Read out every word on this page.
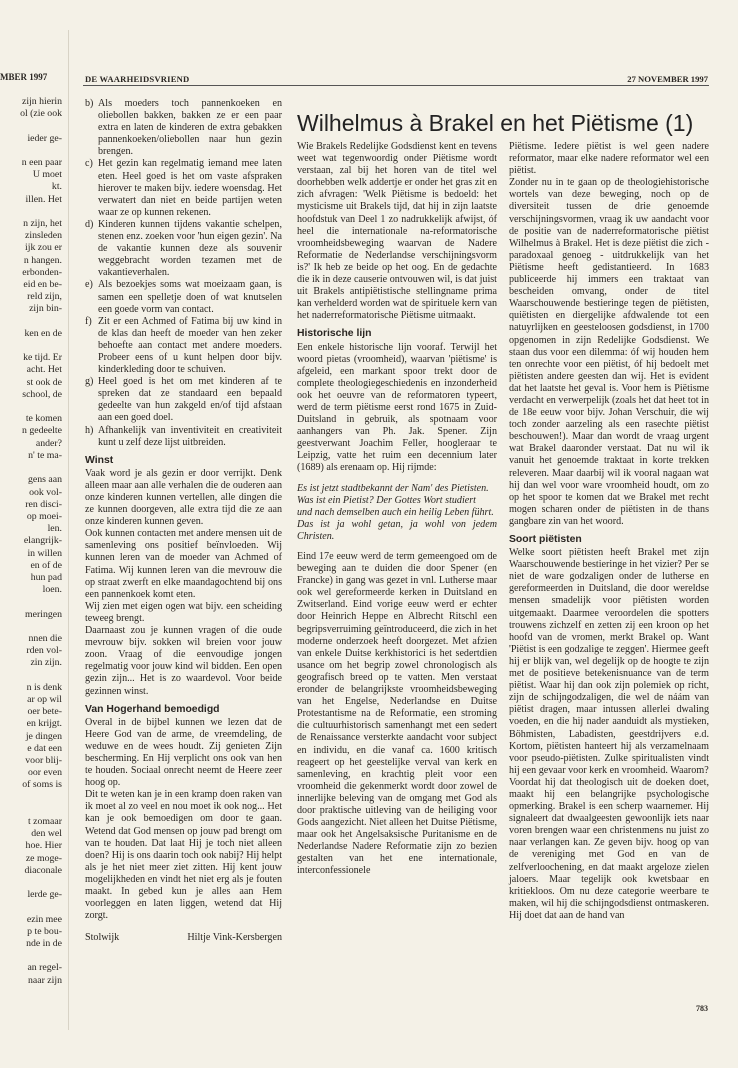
MBER 1997
zijn hierin
ol (zie ook

ieder ge-

n een paar
U moet
kt.
illen. Het

n zijn, het
zinsleden
ijk zou er
n hangen.
erbonden-
eid en be-
reld zijn,
zijn bin-

ken en de

ke tijd. Er
acht. Het
st ook de
school, de

te komen
n gedeelte
ander?
n' te ma-

gens aan
ook vol-
ren disci-
op moei-
len.
elangrijk-
in willen
en of de
hun pad
loen.

meringen

nnen die
rden vol-
zin zijn.

n is denk
ar op wil
oer bete-
en krijgt.
je dingen
e dat een
voor blij-
oor even
of soms is

t zomaar
den wel
hoe. Hier
ze moge-
diaconale

lerde ge-

ezin mee
p te bou-
nde in de

an regel-
naar zijn
DE WAARHEIDSVRIEND	27 NOVEMBER 1997
b) Als moeders toch pannenkoeken en oliebollen bakken, bakken ze er een paar extra en laten de kinderen de extra gebakken pannenkoeken/oliebollen naar hun gezin brengen.
c) Het gezin kan regelmatig iemand mee laten eten. Heel goed is het om vaste afspraken hierover te maken bijv. iedere woensdag. Het verwatert dan niet en beide partijen weten waar ze op kunnen rekenen.
d) Kinderen kunnen tijdens vakantie schelpen, stenen enz. zoeken voor 'hun eigen gezin'. Na de vakantie kunnen deze als souvenir weggebracht worden tezamen met de vakantieverhalen.
e) Als bezoekjes soms wat moeizaam gaan, is samen een spelletje doen of wat knutselen een goede vorm van contact.
f) Zit er een Achmed of Fatima bij uw kind in de klas dan heeft de moeder van hen zeker behoefte aan contact met andere moeders. Probeer eens of u kunt helpen door bijv. kinderkleding door te schuiven.
g) Heel goed is het om met kinderen af te spreken dat ze standaard een bepaald gedeelte van hun zakgeld en/of tijd afstaan aan een goed doel.
h) Afhankelijk van inventiviteit en creativiteit kunt u zelf deze lijst uitbreiden.
Winst

Vaak word je als gezin er door verrijkt. Denk alleen maar aan alle verhalen die de ouderen aan onze kinderen kunnen vertellen, alle dingen die ze kunnen doorgeven, alle extra tijd die ze aan onze kinderen kunnen geven.

Ook kunnen contacten met andere mensen uit de samenleving ons positief beïnvloeden. Wij kunnen leren van de moeder van Achmed of Fatima. Wij kunnen leren van die mevrouw die op straat zwerft en elke maandagochtend bij ons een pannenkoek komt eten.

Wij zien met eigen ogen wat bijv. een scheiding teweeg brengt.

Daarnaast zou je kunnen vragen of die oude mevrouw bijv. sokken wil breien voor jouw zoon. Vraag of die eenvoudige jongen regelmatig voor jouw kind wil bidden. Een open gezin zijn... Het is zo waardevol. Voor beide gezinnen winst.

Van Hogerhand bemoedigd

Overal in de bijbel kunnen we lezen dat de Heere God van de arme, de vreemdeling, de weduwe en de wees houdt. Zij genieten Zijn bescherming. En Hij verplicht ons ook van hen te houden. Sociaal onrecht neemt de Heere zeer hoog op.

Dit te weten kan je in een kramp doen raken van ik moet al zo veel en nou moet ik ook nog... Het kan je ook bemoedigen om door te gaan. Wetend dat God mensen op jouw pad brengt om van te houden. Dat laat Hij je toch niet alleen doen? Hij is ons daarin toch ook nabij? Hij helpt als je het niet meer ziet zitten. Hij kent jouw mogelijkheden en vindt het niet erg als je fouten maakt. In gebed kun je alles aan Hem voorleggen en laten liggen, wetend dat Hij zorgt.

Stolwijk	Hiltje Vink-Kersbergen
Wilhelmus à Brakel en het Piëtisme (1)

Wie Brakels Redelijke Godsdienst kent en tevens weet wat tegenwoordig onder Piëtisme wordt verstaan, zal bij het horen van de titel wel doorhebben welk addertje er onder het gras zit en zich afvragen: 'Welk Piëtisme is bedoeld: het mysticisme uit Brakels tijd, dat hij in zijn laatste hoofdstuk van Deel 1 zo nadrukkelijk afwijst, óf heel die internationale na-reformatorische vroomheidsbeweging waarvan de Nadere Reformatie de Nederlandse verschijningsvorm is?' Ik heb ze beide op het oog. En de gedachte die ik in deze causerie ontvouwen wil, is dat juist uit Brakels antipiëtistische stellingname prima kan verhelderd worden wat de spirituele kern van het naderreformatorische Piëtisme uitmaakt.

Historische lijn

Een enkele historische lijn vooraf. Terwijl het woord pietas (vroomheid), waarvan 'piëtisme' is afgeleid, een markant spoor trekt door de complete theologiegeschiedenis en inzonderheid ook het oeuvre van de reformatoren typeert, werd de term piëtisme eerst rond 1675 in Zuid-Duitsland in gebruik, als spotnaam voor aanhangers van Ph. Jak. Spener. Zijn geestverwant Joachim Feller, hoogleraar te Leipzig, vatte het ruim een decennium later (1689) als erenaam op. Hij rijmde:

Es ist jetzt stadtbekannt der Nam' des Pietisten.
Was ist ein Pietist? Der Gottes Wort studiert
und nach demselben auch ein heilig Leben führt.
Das ist ja wohl getan, ja wohl von jedem Christen.

Eind 17e eeuw werd de term gemeengoed om de beweging aan te duiden die door Spener (en Francke) in gang was gezet in vnl. Lutherse maar ook wel gereformeerde kerken in Duitsland en Zwitserland. Eind vorige eeuw werd er echter door Heinrich Heppe en Albrecht Ritschl een begripsverruiming geïntroduceerd, die zich in het moderne onderzoek heeft doorgezet. Met afzien van enkele Duitse kerkhistorici is het sedertdien usance om het begrip zowel chronologisch als geografisch breed op te vatten. Men verstaat eronder de belangrijkste vroomheidsbeweging van het Engelse, Nederlandse en Duitse Protestantisme na de Reformatie, een stroming die cultuurhistorisch samenhangt met een sedert de Renaissance versterkte aandacht voor subject en individu, en die vanaf ca. 1600 kritisch reageert op het geestelijke verval van kerk en samenleving, en krachtig pleit voor een vroomheid die gekenmerkt wordt door zowel de innerlijke beleving van de omgang met God als door praktische uitleving van de heiliging voor Gods aangezicht. Niet alleen het Duitse Piëtisme, maar ook het Angelsaksische Puritanisme en de Nederlandse Nadere Reformatie zijn zo bezien gestalten van het ene internationale, interconfessionele

Piëtisme. Iedere piëtist is wel geen nadere reformator, maar elke nadere reformator wel een piëtist.

Zonder nu in te gaan op de theologiehistorische wortels van deze beweging, noch op de diversiteit tussen de drie genoemde verschijningsvormen, vraag ik uw aandacht voor de positie van de naderreformatorische piëtist Wilhelmus à Brakel. Het is deze piëtist die zich - paradoxaal genoeg - uitdrukkelijk van het Piëtisme heeft gedistantieerd. In 1683 publiceerde hij immers een traktaat van bescheiden omvang, onder de titel Waarschouwende bestieringe tegen de piëtisten, quiëtisten en diergelijke afdwalende tot een natuyrlijken en geesteloosen godsdienst, in 1700 opgenomen in zijn Redelijke Godsdienst. We staan dus voor een dilemma: óf wij houden hem ten onrechte voor een piëtist, óf hij bedoelt met piëtisten andere geesten dan wij. Het is evident dat het laatste het geval is. Voor hem is Piëtisme verdacht en verwerpelijk (zoals het dat heet tot in de 18e eeuw voor bijv. Johan Verschuir, die wij toch zonder aarzeling als een rasechte piëtist beschouwen!). Maar dan wordt de vraag urgent wat Brakel daaronder verstaat. Dat nu wil ik vanuit het genoemde traktaat in korte trekken releveren. Maar daarbij wil ik vooral nagaan wat hij dan wel voor ware vroomheid houdt, om zo op het spoor te komen dat we Brakel met recht mogen scharen onder de piëtisten in de thans gangbare zin van het woord.

Soort piëtisten

Welke soort piëtisten heeft Brakel met zijn Waarschouwende bestieringe in het vizier? Per se niet de ware godzaligen onder de lutherse en gereformeerden in Duitsland, die door wereldse mensen smadelijk voor piëtisten worden uitgemaakt. Daarmee veroordelen die spotters trouwens zichzelf en zetten zij een kroon op het hoofd van de vromen, merkt Brakel op. Want 'Piëtist is een godzalige te zeggen'. Hiermee geeft hij er blijk van, wel degelijk op de hoogte te zijn met de positieve betekenisnuance van de term piëtist. Waar hij dan ook zijn polemiek op richt, zijn de schijngodzaligen, die wel de náám van piëtist dragen, maar intussen allerlei dwaling voeden, en die hij nader aanduidt als mystieken, Böhmisten, Labadisten, geestdrijvers e.d. Kortom, piëtisten hanteert hij als verzamelnaam voor pseudo-piëtisten. Zulke spiritualisten vindt hij een gevaar voor kerk en vroomheid. Waarom?

Voordat hij dat theologisch uit de doeken doet, maakt hij een belangrijke psychologische opmerking. Brakel is een scherp waarnemer. Hij signaleert dat dwaalgeesten gewoonlijk iets naar voren brengen waar een christenmens nu juist zo naar verlangen kan. Ze geven bijv. hoog op van de vereniging met God en van de zelfverloochening, en dat maakt argeloze zielen jaloers. Maar tegelijk ook kwetsbaar en kritiekloos. Om nu deze categorie weerbare te maken, wil hij die schijngodsdienst ontmaskeren. Hij doet dat aan de hand van

783
